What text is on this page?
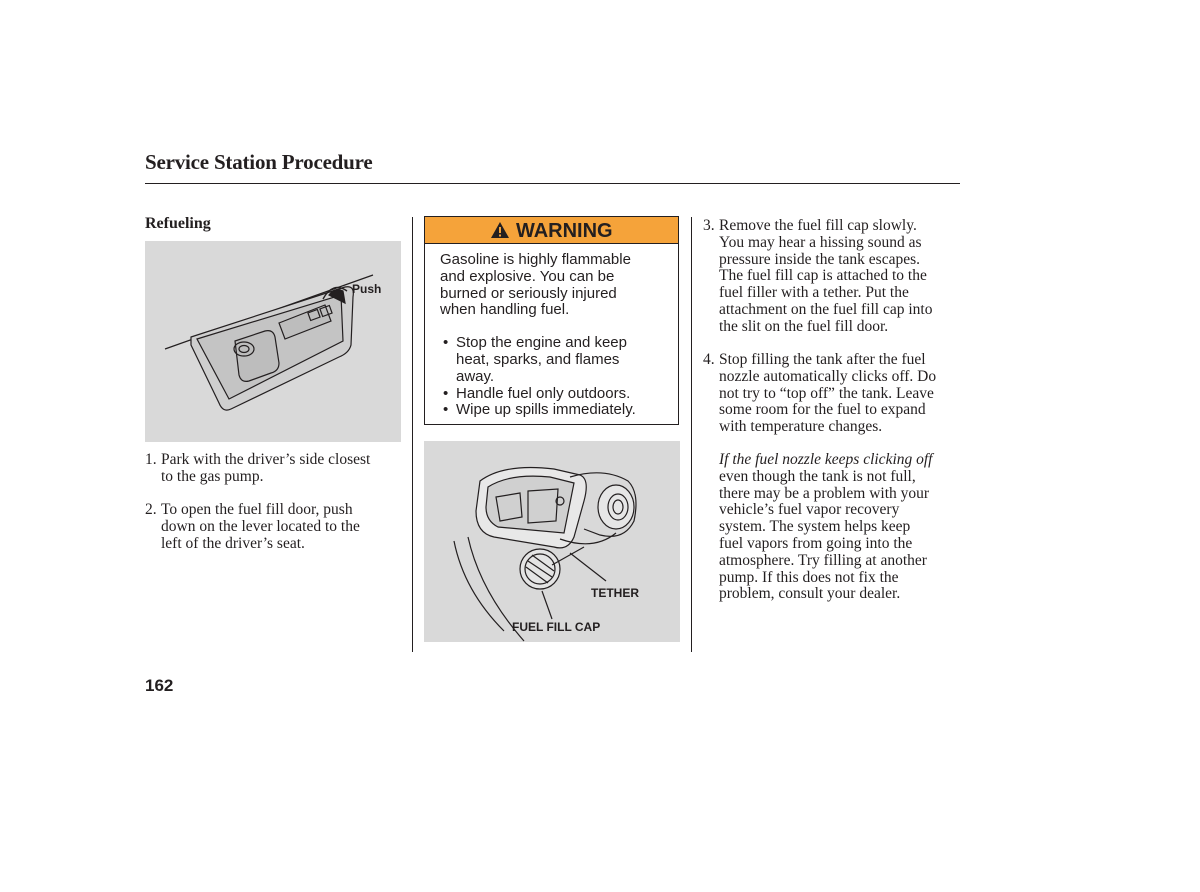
Service Station Procedure
Refueling
Push
1. Park with the driver’s side closest
to the gas pump.
2. To open the fuel fill door, push
down on the lever located to the
left of the driver’s seat.
WARNING
Gasoline is highly flammable
and explosive. You can be
burned or seriously injured
when handling fuel.
• Stop the engine and keep
heat, sparks, and flames
away.
• Handle fuel only outdoors.
• Wipe up spills immediately.
TETHER
FUEL FILL CAP
3. Remove the fuel fill cap slowly.
You may hear a hissing sound as
pressure inside the tank escapes.
The fuel fill cap is attached to the
fuel filler with a tether. Put the
attachment on the fuel fill cap into
the slit on the fuel fill door.
4. Stop filling the tank after the fuel
nozzle automatically clicks off. Do
not try to “top off” the tank. Leave
some room for the fuel to expand
with temperature changes.
If the fuel nozzle keeps clicking off
even though the tank is not full,
there may be a problem with your
vehicle’s fuel vapor recovery
system. The system helps keep
fuel vapors from going into the
atmosphere. Try filling at another
pump. If this does not fix the
problem, consult your dealer.
162
